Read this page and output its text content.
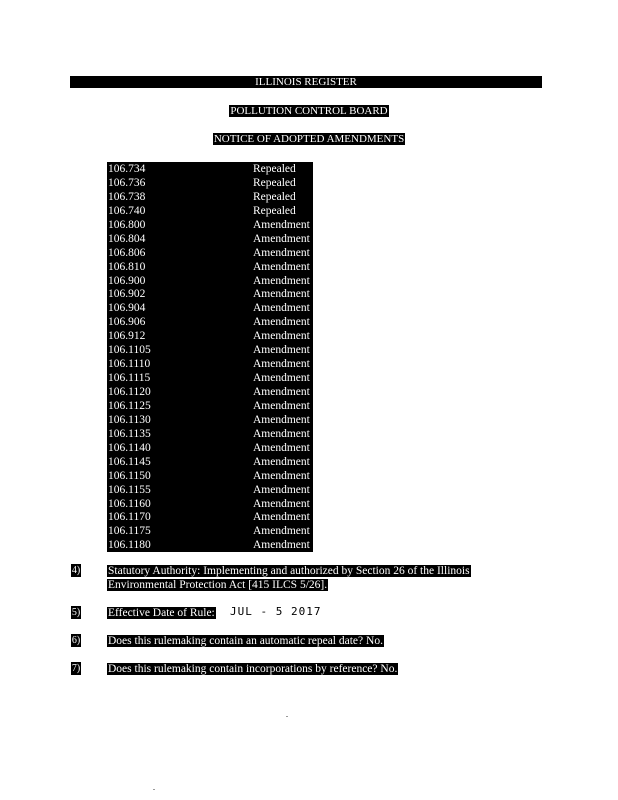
ILLINOIS REGISTER
POLLUTION CONTROL BOARD
NOTICE OF ADOPTED AMENDMENTS
106.734	Repealed
106.736	Repealed
106.738	Repealed
106.740	Repealed
106.800	Amendment
106.804	Amendment
106.806	Amendment
106.810	Amendment
106.900	Amendment
106.902	Amendment
106.904	Amendment
106.906	Amendment
106.912	Amendment
106.1105	Amendment
106.1110	Amendment
106.1115	Amendment
106.1120	Amendment
106.1125	Amendment
106.1130	Amendment
106.1135	Amendment
106.1140	Amendment
106.1145	Amendment
106.1150	Amendment
106.1155	Amendment
106.1160	Amendment
106.1170	Amendment
106.1175	Amendment
106.1180	Amendment
4) Statutory Authority: Implementing and authorized by Section 26 of the Illinois
Environmental Protection Act [415 ILCS 5/26].
5) Effective Date of Rule: JUL - 5 2017
6) Does this rulemaking contain an automatic repeal date? No.
7) Does this rulemaking contain incorporations by reference? No.
